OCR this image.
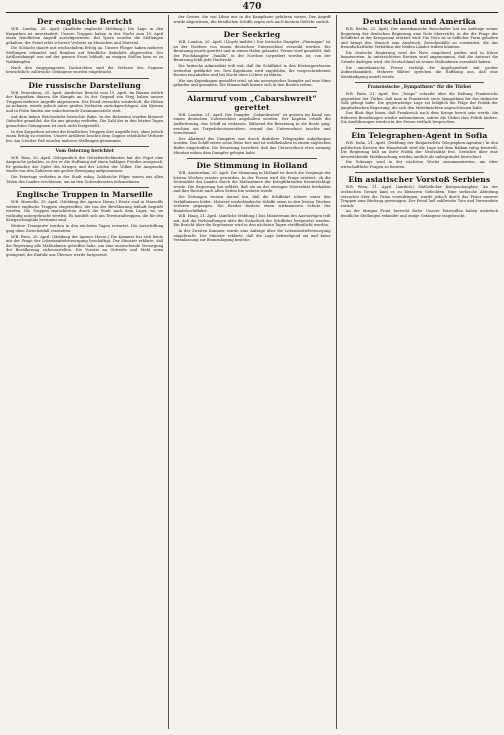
470
Der englische Bericht

W.B. London, 20. April. (Amtliche englische Meldung.) Die Lage in den Karpathen ist unverändert. Unsere Truppen haben in der Nacht zum 19. April einen feindlichen Angriff zurückgewiesen. Bei Ypern wurden die Stellungen gehalten; der Feind erlitt schwere Verluste an Menschen und Material.

Die Schlacht dauert mit wechselndem Erfolg an. Unsere Flieger haben mehrere Stellungen erkundet und Bomben auf feindliche Bahnhöfe abgeworfen. Der Artilleriekampf war auf der ganzen Front lebhaft; an einigen Stellen kam es zu Nahkämpfen.

Nach den eingegangenen Nachrichten sind die Verluste des Gegners beträchtlich; zahlreiche Gefangene wurden eingebracht.

Die russische Darstellung

W.B. Petersburg, 20. April. Amtlicher Bericht vom 19. April. Im Raume östlich der Karpathen dauern die Kämpfe an. In der Gegend von Stryj haben unsere Truppen mehrere Angriffe abgewiesen. Der Feind versuchte wiederholt, die Höhen zu nehmen, wurde jedoch unter großen Verlusten zurückgeschlagen. Am Njemen und in Polen fanden nur unbedeutende Zusammenstöße statt.

Auf dem linken Weichselufer herrschte Ruhe. In der Bukowina wurden kleinere Gefechte gemeldet, die für uns günstig verliefen. Die Zahl der in den letzten Tagen gemachten Gefangenen ist noch nicht festgestellt.

In den Karpathen setzten die feindlichen Truppen ihre Angriffe fort, ohne jedoch einen Erfolg zu erzielen. Unsere Artillerie brachte dem Gegner erhebliche Verluste bei. Am Uzsoker Paß wurden mehrere Stellungen genommen.

Vom Osterzug berichtet

W.B. Rom, 20. April. Gelegentlich der Osterfeierlichkeiten hat der Papst eine Ansprache gehalten, in der er die Hoffnung auf einen baldigen Frieden aussprach. Er gedachte der Opfer des Krieges und der Leiden der Völker. Die Ansprache wurde von den Zuhörern mit großer Bewegung aufgenommen.

Die Feiertage verliefen in der Stadt ruhig. Zahlreiche Pilger waren aus allen Teilen des Landes erschienen, um an den Gottesdiensten teilzunehmen.

Englische Truppen in Marseille

W.B. Marseille, 20. April. (Meldung der Agence Havas.) Heute sind in Marseille weitere englische Truppen eingetroffen, die von der Bevölkerung lebhaft begrüßt wurden. Die Truppen marschierten durch die Stadt nach dem Lager, wo sie vorläufig untergebracht werden. Es handelt sich um Territorialtruppen, die für den Kriegsschauplatz bestimmt sind.

Weitere Transporte werden in den nächsten Tagen erwartet. Die Ausschiffung ging ohne Zwischenfall vonstatten.

W.B. Paris, 20. April. (Meldung der Agence Havas.) Die Kammer hat sich heute mit der Frage der Lebensmittelversorgung beschäftigt. Der Minister erklärte, daß die Regierung alle Maßnahmen getroffen habe, um eine ausreichende Versorgung der Bevölkerung sicherzustellen. Die Vorräte an Getreide und Mehl seien genügend; die Einfuhr aus Übersee werde fortgesetzt.

der Ostsee, die von Libau aus in die Kampfzone gefahren waren. Der Angriff wurde abgewiesen; die feindlichen Schiffe zogen sich nach kurzem Gefecht zurück.

Der Seekrieg

W.B. London, 20. April. (Lloyds meldet.) Der britische Dampfer „Ptarmigan“ ist an der Nordsee von einem deutschen Unterseeboot versenkt worden. Die Besatzung wurde gerettet und in einem Hafen gelandet. Ferner wird gemeldet, daß der Fischdampfer „Vanilla“ in der Nordsee torpediert worden ist; von der Besatzung fehlt jede Nachricht.

Die britische Admiralität teilt mit, daß die Schiffahrt in den Küstengewässern weiterhin gefährdet sei. Den Kapitänen wird empfohlen, die vorgeschriebenen Routen einzuhalten und bei Nacht ohne Lichter zu fahren.

Wie aus Kopenhagen gemeldet wird, ist ein norwegischer Dampfer auf eine Mine gelaufen und gesunken. Die Mannschaft konnte sich in den Booten retten.

Alarmruf vom „Cabarshwreit“ gerettet

W.B. London, 21. April. Der Dampfer „Cabarshwreit“ ist gestern im Kanal von einem deutschen Unterseeboot angehalten worden. Der Kapitän erhielt die Aufforderung, das Schiff zu verlassen. Während die Besatzung in die Boote ging, erschien ein Torpedobootszerstörer, worauf das Unterseeboot tauchte und verschwand.

Der Alarmruf des Dampfers war durch drahtlose Telegraphie aufgefangen worden. Das Schiff setzte seine Reise fort und ist wohlbehalten in einem englischen Hafen eingetroffen. Die Besatzung berichtet, daß das Unterseeboot etwa zwanzig Minuten neben dem Dampfer gelegen habe.

Die Stimmung in Holland

W.B. Amsterdam, 20. April. Die Stimmung in Holland ist durch die Vorgänge der letzten Wochen ernster geworden. In der Presse wird die Frage erörtert, ob die Neutralität des Landes durch die Maßnahmen der Kriegführenden beeinträchtigt werde. Die Regierung hat erklärt, daß sie an der strengen Neutralität festhalten und ihre Rechte nach allen Seiten hin wahren werde.

Die Zeitungen weisen darauf hin, daß die Schiffahrt schwer unter den Verhältnissen leidet. Mehrere niederländische Schiffe seien in den letzten Wochen verloren gegangen. Die Reeder fordern einen wirksameren Schutz der Handelsschiffahrt.

W.B. Haag, 21. April. (Amtliche Meldung.) Das Ministerium des Auswärtigen teilt mit, daß die Verhandlungen über die Sicherheit der Schiffahrt fortgesetzt werden. Ein Bericht über die Ergebnisse wird in den nächsten Tagen veröffentlicht werden.

In der Zweiten Kammer wurde eine Anfrage über die Lebensmittelversorgung eingebracht. Der Minister erklärte, daß die Lage befriedigend sei und keine Veranlassung zur Beunruhigung bestehe.

Deutschland und Amerika

W.B. Berlin, 21. April. Der amerikanische Botschafter hat im Auftrage seiner Regierung der deutschen Regierung eine Note überreicht, in der die Frage der Schiffahrt in der Kriegszone erörtert wird. Die Note ist in höflicher Form gehalten und bringt den Wunsch zum Ausdruck, Zwischenfälle zu vermeiden, die das freundschaftliche Verhältnis der beiden Länder trüben könnten.

Die deutsche Regierung wird die Note eingehend prüfen und in Kürze beantworten. In unterrichteten Kreisen wird angenommen, daß die Antwort die Gründe darlegen wird, die Deutschland zu seinen Maßnahmen veranlaßt haben.

Die amerikanische Presse verfolgt die Angelegenheit mit großer Aufmerksamkeit. Mehrere Blätter sprechen die Hoffnung aus, daß eine Verständigung erzielt werde.

Französische „Sympathien“ für die Türkei

W.B. Paris, 21. April. Der „Temps“ schreibt über die Haltung Frankreichs gegenüber der Türkei, daß man in Frankreich stets Sympathien für das türkische Volk gehegt habe. Die gegenwärtige Lage sei lediglich die Folge der Politik der jungtürkischen Regierung, die sich den Mittelmächten angeschlossen habe.

Das Blatt fügt hinzu, daß Frankreich nach dem Kriege bereit sein werde, die früheren Beziehungen wieder aufzunehmen, sofern die Türkei ihre Politik ändere. Die Ausführungen werden in der Presse vielfach besprochen.

Ein Telegraphen-Agent in Sofia

W.B. Sofia, 21. April. (Meldung der Bulgarischen Telegraphen-Agentur.) In den politischen Kreisen der Hauptstadt wird die Lage auf dem Balkan ruhig beurteilt. Die Regierung hält an ihrer Politik der Neutralität fest. Gerüchte über eine bevorstehende Mobilmachung werden amtlich als unbegründet bezeichnet.

Die Sobranje wird in der nächsten Woche zusammentreten, um über wirtschaftliche Fragen zu beraten.

Ein asiatischer Vorstoß Serbiens

W.B. Wien, 21. April. (Amtlich.) Südöstlicher Kriegsschauplatz. An der serbischen Grenze kam es zu kleineren Gefechten. Eine serbische Abteilung versuchte über die Drina vorzudringen, wurde jedoch durch das Feuer unserer Truppen zum Rückzug gezwungen. Der Feind ließ zahlreiche Tote und Verwundete zurück.

An der übrigen Front herrscht Ruhe. Unsere Patrouillen haben mehrfach feindliche Stellungen erkundet und einige Gefangene eingebracht.
